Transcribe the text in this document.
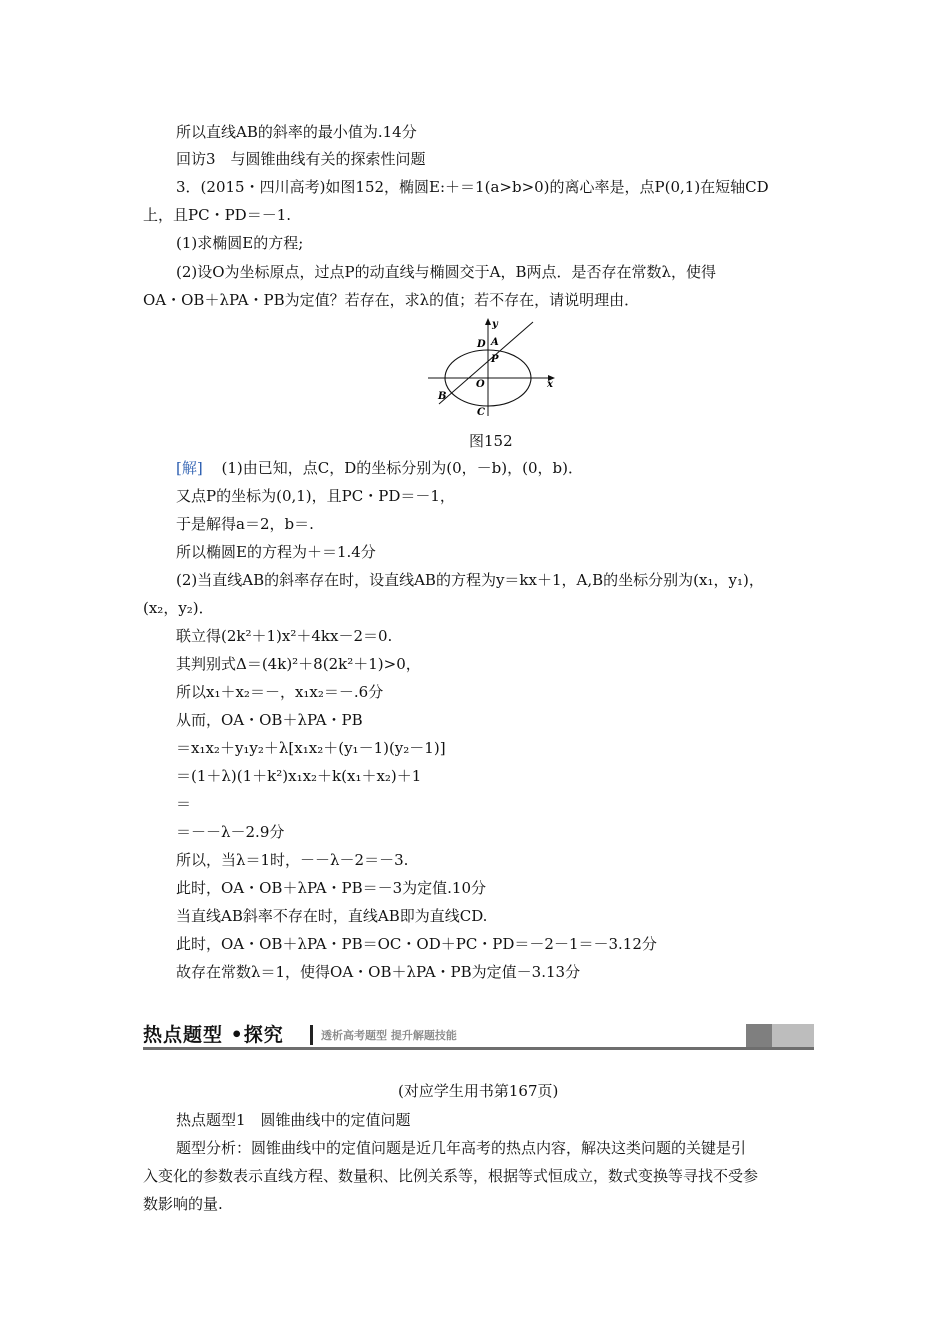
所以直线AB的斜率的最小值为.14分
回访3　与圆锥曲线有关的探索性问题
3．(2015・四川高考)如图152，椭圆E:＋＝1(a>b>0)的离心率是，点P(0,1)在短轴CD
上，且PC・PD＝－1.
(1)求椭圆E的方程;
(2)设O为坐标原点，过点P的动直线与椭圆交于A，B两点．是否存在常数λ，使得
OA・OB＋λPA・PB为定值？若存在，求λ的值；若不存在，请说明理由．
y
x
D A
P
O
B
C
图152
[解] (1)由已知，点C，D的坐标分别为(0，－b)，(0，b)．
又点P的坐标为(0,1)，且PC・PD＝－1，
于是解得a＝2，b＝.
所以椭圆E的方程为＋＝1.4分
(2)当直线AB的斜率存在时，设直线AB的方程为y＝kx＋1，A,B的坐标分别为(x₁，y₁)，
(x₂，y₂)．
联立得(2k²＋1)x²＋4kx－2＝0.
其判别式Δ＝(4k)²＋8(2k²＋1)>0，
所以x₁＋x₂＝－，x₁x₂＝－.6分
从而，OA・OB＋λPA・PB
＝x₁x₂＋y₁y₂＋λ[x₁x₂＋(y₁－1)(y₂－1)]
＝(1＋λ)(1＋k²)x₁x₂＋k(x₁＋x₂)＋1
＝
＝－－λ－2.9分
所以，当λ＝1时，－－λ－2＝－3.
此时，OA・OB＋λPA・PB＝－3为定值.10分
当直线AB斜率不存在时，直线AB即为直线CD.
此时，OA・OB＋λPA・PB＝OC・OD＋PC・PD＝－2－1＝－3.12分
故存在常数λ＝1，使得OA・OB＋λPA・PB为定值－3.13分
热点题型 •探究	透析高考题型 提升解题技能
(对应学生用书第167页)
热点题型1　圆锥曲线中的定值问题
题型分析：圆锥曲线中的定值问题是近几年高考的热点内容，解决这类问题的关键是引
入变化的参数表示直线方程、数量积、比例关系等，根据等式恒成立，数式变换等寻找不受参
数影响的量.
